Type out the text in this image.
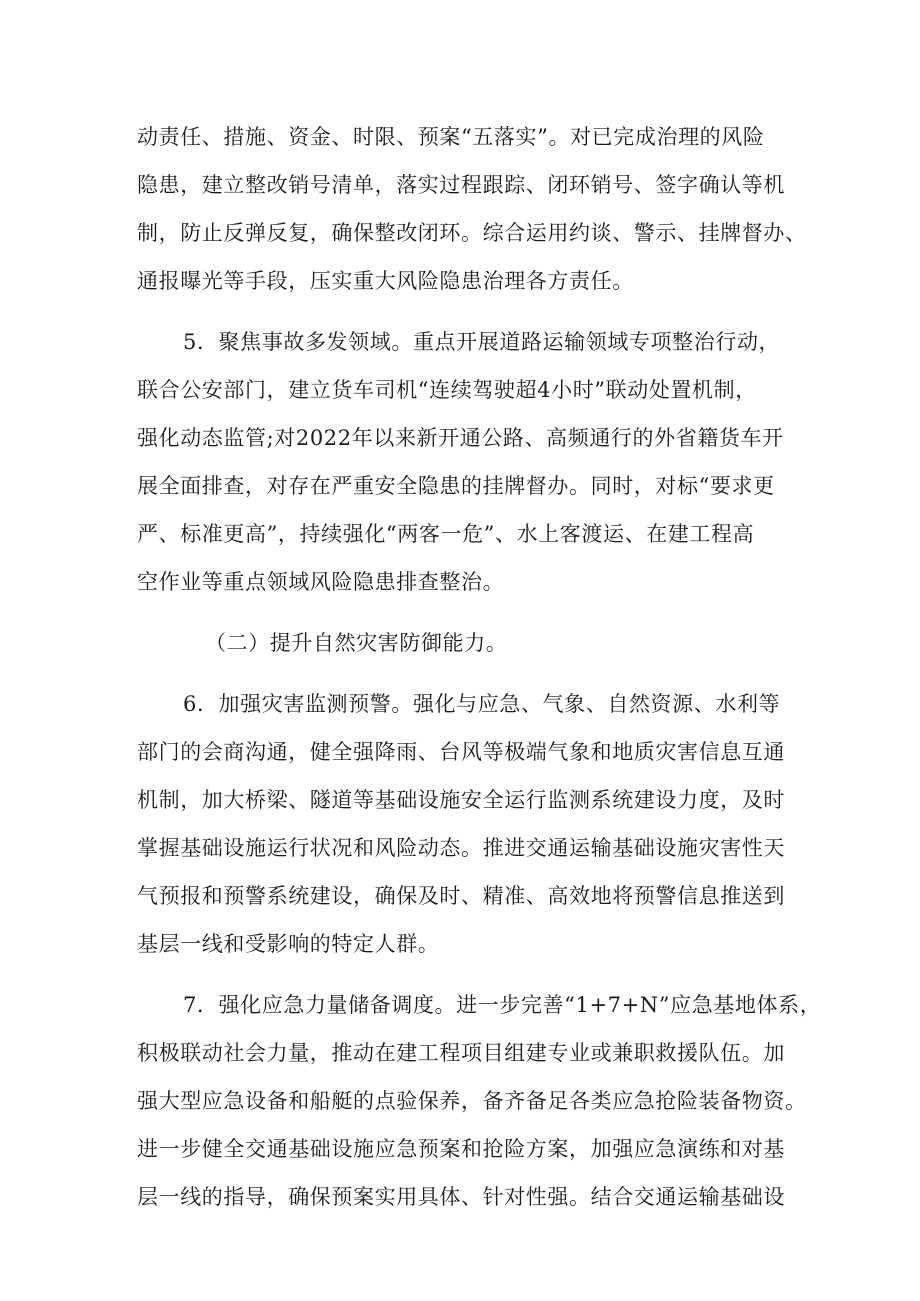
动责任、措施、资金、时限、预案“五落实”。对已完成治理的风险
隐患，建立整改销号清单，落实过程跟踪、闭环销号、签字确认等机
制，防止反弹反复，确保整改闭环。综合运用约谈、警示、挂牌督办、
通报曝光等手段，压实重大风险隐患治理各方责任。
5．聚焦事故多发领域。重点开展道路运输领域专项整治行动，
联合公安部门，建立货车司机“连续驾驶超4小时”联动处置机制，
强化动态监管;对2022年以来新开通公路、高频通行的外省籍货车开
展全面排查，对存在严重安全隐患的挂牌督办。同时，对标“要求更
严、标准更高”，持续强化“两客一危”、水上客渡运、在建工程高
空作业等重点领域风险隐患排查整治。
（二）提升自然灾害防御能力。
6．加强灾害监测预警。强化与应急、气象、自然资源、水利等
部门的会商沟通，健全强降雨、台风等极端气象和地质灾害信息互通
机制，加大桥梁、隧道等基础设施安全运行监测系统建设力度，及时
掌握基础设施运行状况和风险动态。推进交通运输基础设施灾害性天
气预报和预警系统建设，确保及时、精准、高效地将预警信息推送到
基层一线和受影响的特定人群。
7．强化应急力量储备调度。进一步完善“1+7+N”应急基地体系，
积极联动社会力量，推动在建工程项目组建专业或兼职救援队伍。加
强大型应急设备和船艇的点验保养，备齐备足各类应急抢险装备物资。
进一步健全交通基础设施应急预案和抢险方案，加强应急演练和对基
层一线的指导，确保预案实用具体、针对性强。结合交通运输基础设
